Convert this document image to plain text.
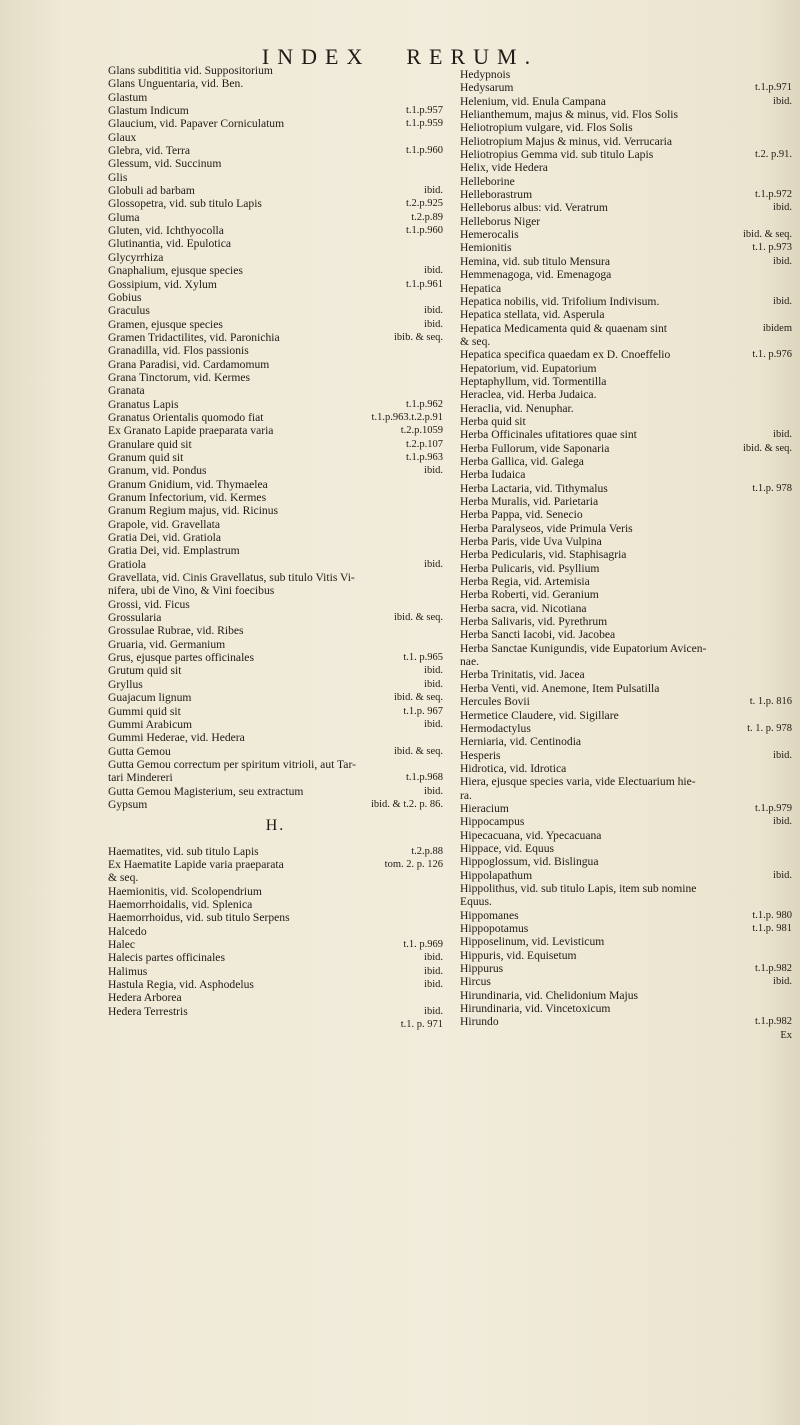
INDEX RERUM.
Glans subdititia vid. Suppositorium
Glans Unguentaria, vid. Ben.
Glastum
Glastum Indicum	t.1.p.957
Glaucium, vid. Papaver Corniculatum	t.1.p.959
Glaux
Glebra, vid. Terra	t.1.p.960
Glessum, vid. Succinum
Glis
Globuli ad barbam	ibid.
Glossopetra, vid. sub titulo Lapis	t.2.p.925
Gluma	t.2.p.89
Gluten, vid. Ichthyocolla	t.1.p.960
Glutinantia, vid. Epulotica
Glycyrrhiza
Gnaphalium, ejusque species	ibid.
Gossipium, vid. Xylum	t.1.p.961
Gobius
Graculus	ibid.
Gramen, ejusque species	ibid.
Gramen Tridactilites, vid. Paronichia	ibib. & seq.
Granadilla, vid. Flos passionis
Grana Paradisi, vid. Cardamomum
Grana Tinctorum, vid. Kermes
Granata
Granatus Lapis	t.1.p.962
Granatus Orientalis quomodo fiat	t.1.p.963.t.2.p.91
Ex Granato Lapide praeparata varia	t.2.p.1059
Granulare quid sit	t.2.p.107
Granum quid sit	t.1.p.963
Granum, vid. Pondus	ibid.
Granum Gnidium, vid. Thymaelea
Granum Infectorium, vid. Kermes
Granum Regium majus, vid. Ricinus
Grapole, vid. Gravellata
Gratia Dei, vid. Gratiola
Gratia Dei, vid. Emplastrum
Gratiola	ibid.
Gravellata, vid. Cinis Gravellatus, sub titulo Vitis Vi-
nifera, ubi de Vino, & Vini foecibus
Grossi, vid. Ficus
Grossularia	ibid. & seq.
Grossulae Rubrae, vid. Ribes
Gruaria, vid. Germanium
Grus, ejusque partes officinales	t.1. p.965
Grutum quid sit	ibid.
Gryllus	ibid.
Guajacum lignum	ibid. & seq.
Gummi quid sit	t.1.p. 967
Gummi Arabicum	ibid.
Gummi Hederae, vid. Hedera
Gutta Gemou	ibid. & seq.
Gutta Gemou correctum per spiritum vitrioli, aut Tar-
tari Mindereri	t.1.p.968
Gutta Gemou Magisterium, seu extractum	ibid.
Gypsum	ibid. & t.2. p. 86.
H.
Haematites, vid. sub titulo Lapis	t.2.p.88
Ex Haematite Lapide varia praeparata	tom. 2. p. 126
& seq.
Haemionitis, vid. Scolopendrium
Haemorrhoidalis, vid. Splenica
Haemorrhoidus, vid. sub titulo Serpens
Halcedo
Halec	t.1. p.969
Halecis partes officinales	ibid.
Halimus	ibid.
Hastula Regia, vid. Asphodelus	ibid.
Hedera Arborea
Hedera Terrestris	ibid.
t.1. p. 971
Hedypnois
Hedysarum	t.1.p.971
Helenium, vid. Enula Campana	ibid.
Helianthemum, majus & minus, vid. Flos Solis
Heliotropium vulgare, vid. Flos Solis
Heliotropium Majus & minus, vid. Verrucaria
Heliotropius Gemma vid. sub titulo Lapis	t.2. p.91.
Helix, vide Hedera
Helleborine
Helleborastrum	t.1.p.972
Helleborus albus: vid. Veratrum	ibid.
Helleborus Niger
Hemerocalis	ibid. & seq.
Hemionitis	t.1. p.973
Hemina, vid. sub titulo Mensura	ibid.
Hemmenagoga, vid. Emenagoga
Hepatica
Hepatica nobilis, vid. Trifolium Indivisum.	ibid.
Hepatica stellata, vid. Asperula
Hepatica Medicamenta quid & quaenam sint	ibidem
& seq.
Hepatica specifica quaedam ex D. Cnoeffelio	t.1. p.976
Hepatorium, vid. Eupatorium
Heptaphyllum, vid. Tormentilla
Heraclea, vid. Herba Judaica.
Heraclia, vid. Nenuphar.
Herba quid sit
Herba Officinales ufitatiores quae sint	ibid.
Herba Fullorum, vide Saponaria	ibid. & seq.
Herba Gallica, vid. Galega
Herba Iudaica
Herba Lactaria, vid. Tithymalus	t.1.p. 978
Herba Muralis, vid. Parietaria
Herba Pappa, vid. Senecio
Herba Paralyseos, vide Primula Veris
Herba Paris, vide Uva Vulpina
Herba Pedicularis, vid. Staphisagria
Herba Pulicaris, vid. Psyllium
Herba Regia, vid. Artemisia
Herba Roberti, vid. Geranium
Herba sacra, vid. Nicotiana
Herba Salivaris, vid. Pyrethrum
Herba Sancti Iacobi, vid. Jacobea
Herba Sanctae Kunigundis, vide Eupatorium Avicen-
nae.
Herba Trinitatis, vid. Jacea
Herba Venti, vid. Anemone, Item Pulsatilla
Hercules Bovii	t. 1.p. 816
Hermetice Claudere, vid. Sigillare
Hermodactylus	t. 1. p. 978
Herniaria, vid. Centinodia
Hesperis	ibid.
Hidrotica, vid. Idrotica
Hiera, ejusque species varia, vide Electuarium hie-
ra.
Hieracium	t.1.p.979
Hippocampus	ibid.
Hipecacuana, vid. Ypecacuana
Hippace, vid. Equus
Hippoglossum, vid. Bislingua
Hippolapathum	ibid.
Hippolithus, vid. sub titulo Lapis, item sub nomine
Equus.
Hippomanes	t.1.p. 980
Hippopotamus	t.1.p. 981
Hipposelinum, vid. Levisticum
Hippuris, vid. Equisetum
Hippurus	t.1.p.982
Hircus	ibid.
Hirundinaria, vid. Chelidonium Majus
Hirundinaria, vid. Vincetoxicum
Hirundo	t.1.p.982
Ex
